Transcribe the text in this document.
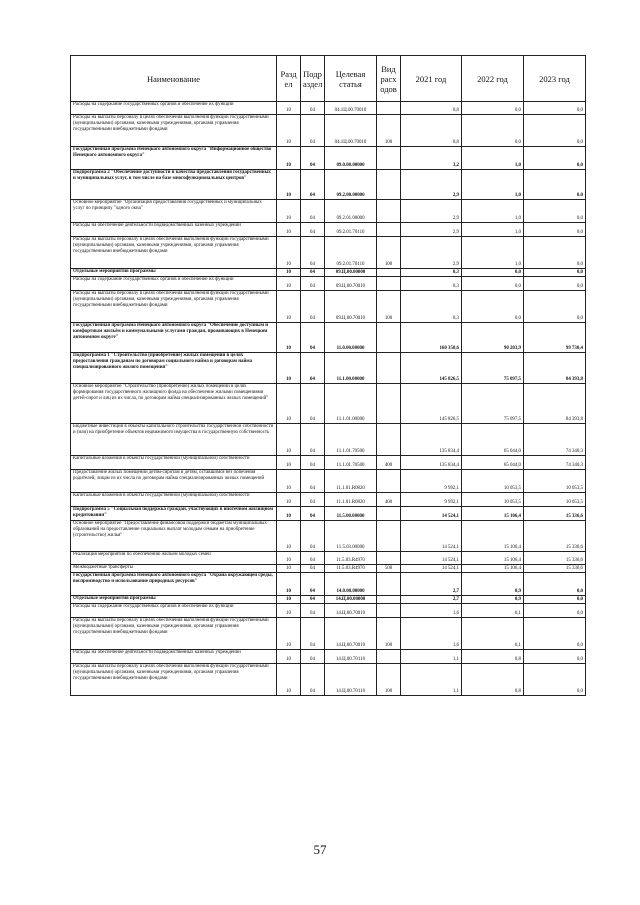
Наименование	Разд ел	Подр аздел	Целевая статья	Вид расх одов	2021 год	2022 год	2023 год
Расходы на содержание государственных органов и обеспечение их функций	10	04	04.1Ц.00.70010		0,8	0,0	0,0
Расходы на выплаты персоналу в целях обеспечения выполнения функций государственными (муниципальными) органами, казенными учреждениями, органами управления государственными внебюджетными фондами	10	04	04.1Ц.00.70010	100	0,8	0,0	0,0
Государственная программа Ненецкого автономного округа "Информационное общество Ненецкого автономного округа"	10	04	09.0.00.00000		3,2	1,0	0,0
Подпрограмма 2 "Обеспечение доступности и качества предоставления государственных и муниципальных услуг, в том числе на базе многофункциональных центров"	10	04	09.2.00.00000		2,9	1,0	0,0
Основное мероприятие "Организация предоставления государственных и муниципальных услуг по принципу "одного окна"	10	04	09.2.01.00000		2,9	1,0	0,0
Расходы на обеспечение деятельности подведомственных казенных учреждений	10	04	09.2.01.70110		2,9	1,0	0,0
Расходы на выплаты персоналу в целях обеспечения выполнения функций государственными (муниципальными) органами, казенными учреждениями, органами управления государственными внебюджетными фондами	10	04	09.2.01.70110	100	2,9	1,0	0,0
Отдельные мероприятия программы	10	04	09.Ц.00.00000		0,3	0,0	0,0
Расходы на содержание государственных органов и обеспечение их функций	10	04	09.Ц.00.70010		0,3	0,0	0,0
Расходы на выплаты персоналу в целях обеспечения выполнения функций государственными (муниципальными) органами, казенными учреждениями, органами управления государственными внебюджетными фондами	10	04	09.Ц.00.70010	100	0,3	0,0	0,0
Государственная программа Ненецкого автономного округа "Обеспечение доступным и комфортным жильём и коммунальными услугами граждан, проживающих в Ненецком автономном округе"	10	04	11.0.00.00000		160 350,6	90 203,9	99 730,4
Подпрограмма 1 "Строительство (приобретение) жилых помещений в целях предоставления гражданам по договорам социального найма и договорам найма специализированного жилого помещения"	10	04	11.1.00.00000		145 826,5	75 097,5	84 393,8
Основное мероприятие "Строительство (приобретение) жилых помещений в целях формирования государственного жилищного фонда на обеспечение жилыми помещениями детей-сирот и лиц из их числа, по договорам найма специализированных жилых помещений"	10	04	11.1.01.00000		145 826,5	75 097,5	84 393,8
Бюджетные инвестиции в объекты капитального строительства государственной собственности и (или) на приобретение объектов недвижимого имущества в государственную собственность	10	04	11.1.01.70500		135 834,4	65 044,0	74 340,3
Капитальные вложения в объекты государственной (муниципальной) собственности	10	04	11.1.01.70500	400	135 834,4	65 044,0	74 340,3
Предоставление жилых помещений детям-сиротам и детям, оставшимся без попечения родителей, лицам из их числа по договорам найма специализированных жилых помещений	10	04	11.1.01.R0820		9 992,1	10 053,5	10 053,5
Капитальные вложения в объекты государственной (муниципальной) собственности	10	04	11.1.01.R0820	400	9 992,1	10 053,5	10 053,5
Подпрограмма 5 "Социальная поддержка граждан, участвующих в ипотечном жилищном кредитовании"	10	04	11.5.00.00000		14 524,1	15 106,4	15 336,6
Основное мероприятие "Предоставление финансовой поддержки бюджетам муниципальных образований на предоставление социальных выплат молодым семьям на приобретение (строительство) жилья"	10	04	11.5.03.00000		14 524,1	15 106,4	15 336,6
Реализация мероприятий по обеспечению жильем молодых семей	10	04	11.5.03.R4970		14 524,1	15 106,4	15 336,6
Межбюджетные трансферты	10	04	11.5.03.R4970	500	14 524,1	15 106,4	15 336,6
Государственная программа Ненецкого автономного округа "Охрана окружающей среды, воспроизводство и использование природных ресурсов"	10	04	14.0.00.00000		2,7	0,9	0,0
Отдельные мероприятия программы	10	04	14.Ц.00.00000		2,7	0,9	0,0
Расходы на содержание государственных органов и обеспечение их функций	10	04	14.Ц.00.70010		1,6	0,1	0,0
Расходы на выплаты персоналу в целях обеспечения выполнения функций государственными (муниципальными) органами, казенными учреждениями, органами управления государственными внебюджетными фондами	10	04	14.Ц.00.70010	100	1,6	0,1	0,0
Расходы на обеспечение деятельности подведомственных казенных учреждений	10	04	14.Ц.00.70110		1,1	0,8	0,0
Расходы на выплаты персоналу в целях обеспечения выполнения функций государственными (муниципальными) органами, казенными учреждениями, органами управления государственными внебюджетными фондами	10	04	14.Ц.00.70110	100	1,1	0,8	0,0
57
